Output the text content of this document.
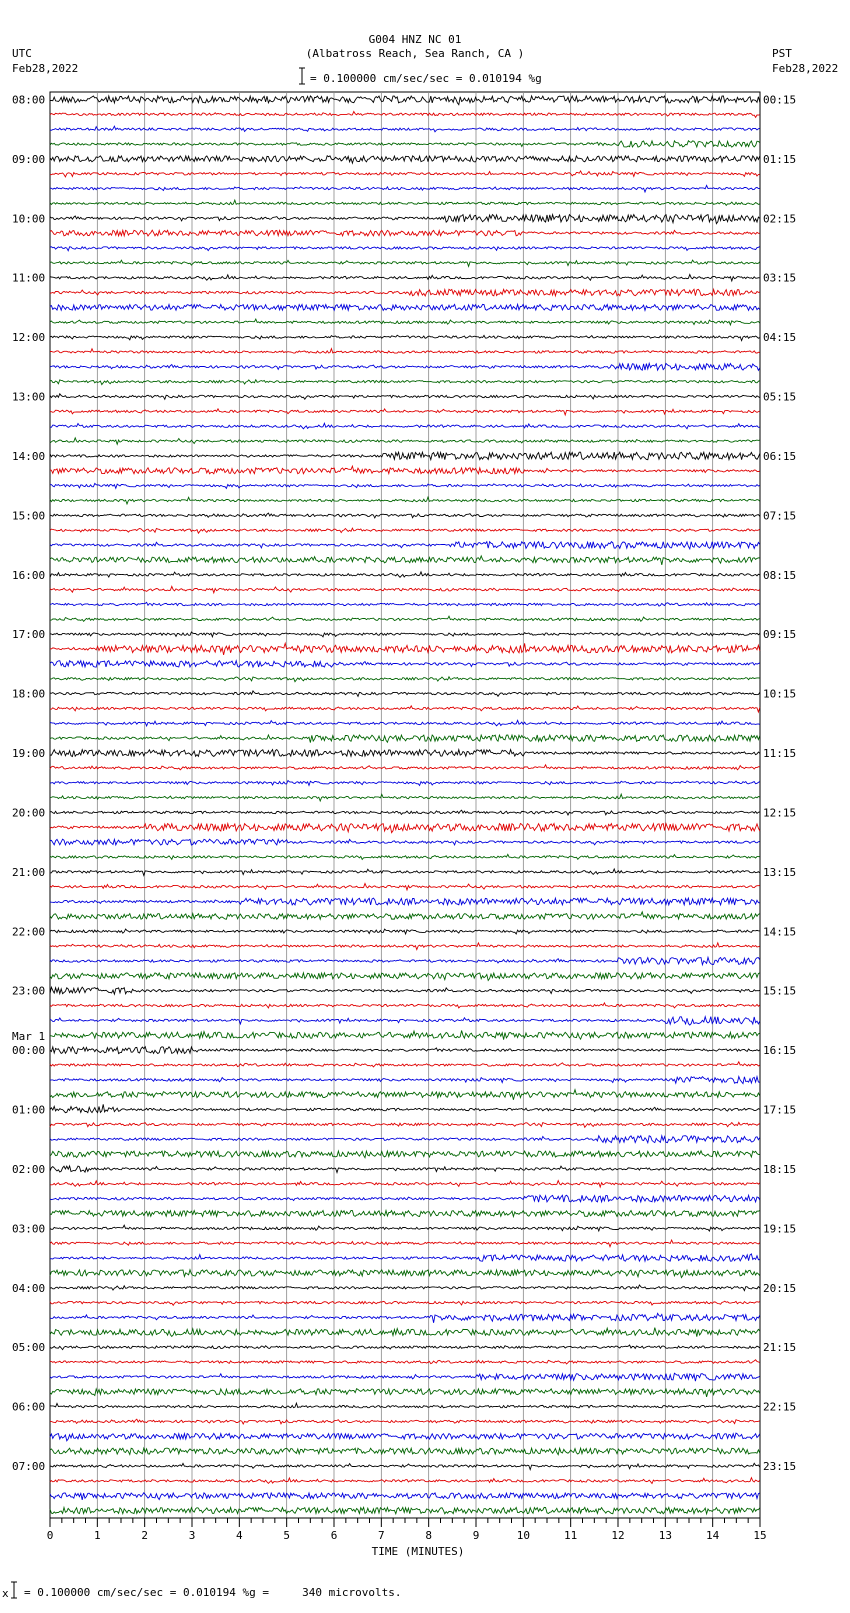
G004 HNZ NC 01
(Albatross Reach, Sea Ranch, CA )
UTC
Feb28,2022
PST
Feb28,2022
= 0.100000 cm/sec/sec = 0.010194 %g
08:00
09:00
10:00
11:00
12:00
13:00
14:00
15:00
16:00
17:00
18:00
19:00
20:00
21:00
22:00
23:00
00:00
Mar 1
01:00
02:00
03:00
04:00
05:00
06:00
07:00
00:15
01:15
02:15
03:15
04:15
05:15
06:15
07:15
08:15
09:15
10:15
11:15
12:15
13:15
14:15
15:15
16:15
17:15
18:15
19:15
20:15
21:15
22:15
23:15
0	1	2	3	4	5	6	7	8	9	10	11	12	13	14	15
TIME (MINUTES)
x = 0.100000 cm/sec/sec = 0.010194 %g =     340 microvolts.
